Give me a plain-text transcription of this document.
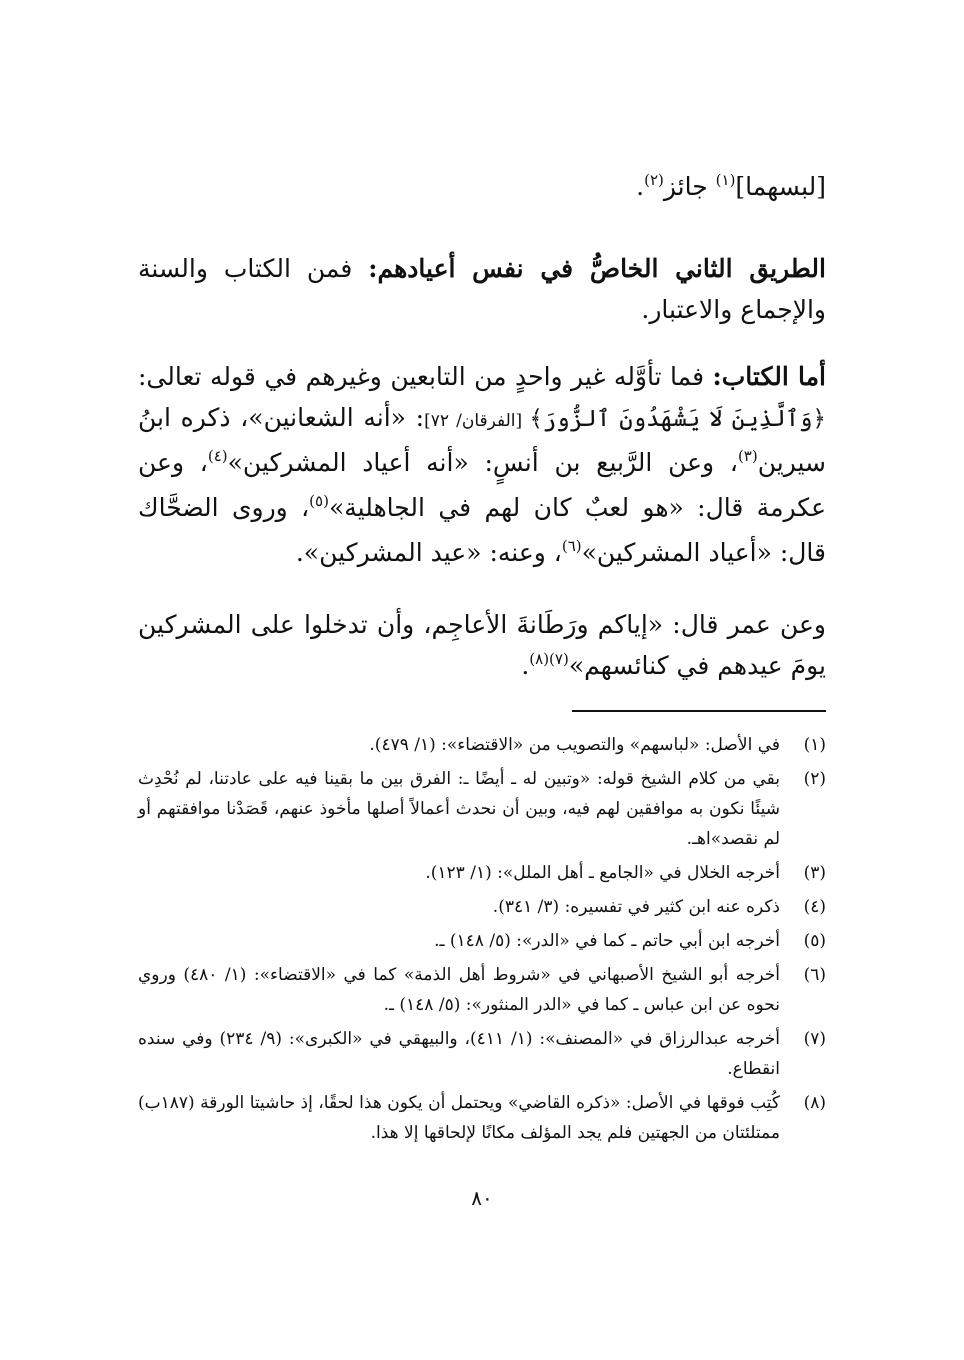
[لبسهما]$^{(١)}$ جائز$^{(٢)}$.
الطريق الثاني الخاصُّ في نفس أعيادهم: فمن الكتاب والسنة والإجماع والاعتبار.
أما الكتاب: فما تأوَّله غير واحدٍ من التابعين وغيرهم في قوله تعالى: ﴿وَٱلَّذِينَ لَا يَشْهَدُونَ ٱلزُّورَ﴾ [الفرقان/ ٧٢]: «أنه الشعانين»، ذكره ابنُ سيرين$^{(٣)}$، وعن الرَّبيع بن أنسٍ: «أنه أعياد المشركين»$^{(٤)}$، وعن عكرمة قال: «هو لعبٌ كان لهم في الجاهلية»$^{(٥)}$، وروى الضحَّاك قال: «أعياد المشركين»$^{(٦)}$، وعنه: «عيد المشركين».
وعن عمر قال: «إياكم ورَطَانةَ الأعاجِم، وأن تدخلوا على المشركين يومَ عيدهم في كنائسهم»$^{(٧)(٨)}$.
(١)
في الأصل: «لباسهم» والتصويب من «الاقتضاء»: (١/ ٤٧٩).
(٢)
بقي من كلام الشيخ قوله: «وتبين له ـ أيضًا ـ: الفرق بين ما بقينا فيه على عادتنا، لم نُحْدِث شيئًا نكون به موافقين لهم فيه، وبين أن نحدث أعمالاً أصلها مأخوذ عنهم، قَصَدْنا موافقتهم أو لم نقصد»اهـ.
(٣)
أخرجه الخلال في «الجامع ـ أهل الملل»: (١/ ١٢٣).
(٤)
ذكره عنه ابن كثير في تفسيره: (٣/ ٣٤١).
(٥)
أخرجه ابن أبي حاتم ـ كما في «الدر»: (٥/ ١٤٨) ـ.
(٦)
أخرجه أبو الشيخ الأصبهاني في «شروط أهل الذمة» كما في «الاقتضاء»: (١/ ٤٨٠) وروي نحوه عن ابن عباس ـ كما في «الدر المنثور»: (٥/ ١٤٨) ـ.
(٧)
أخرجه عبدالرزاق في «المصنف»: (١/ ٤١١)، والبيهقي في «الكبرى»: (٩/ ٢٣٤) وفي سنده انقطاع.
(٨)
كُتِب فوقها في الأصل: «ذكره القاضي» ويحتمل أن يكون هذا لحقًا، إذ حاشيتا الورقة (١٨٧ب) ممتلئتان من الجهتين فلم يجد المؤلف مكانًا لإلحاقها إلا هذا.
٨٠
